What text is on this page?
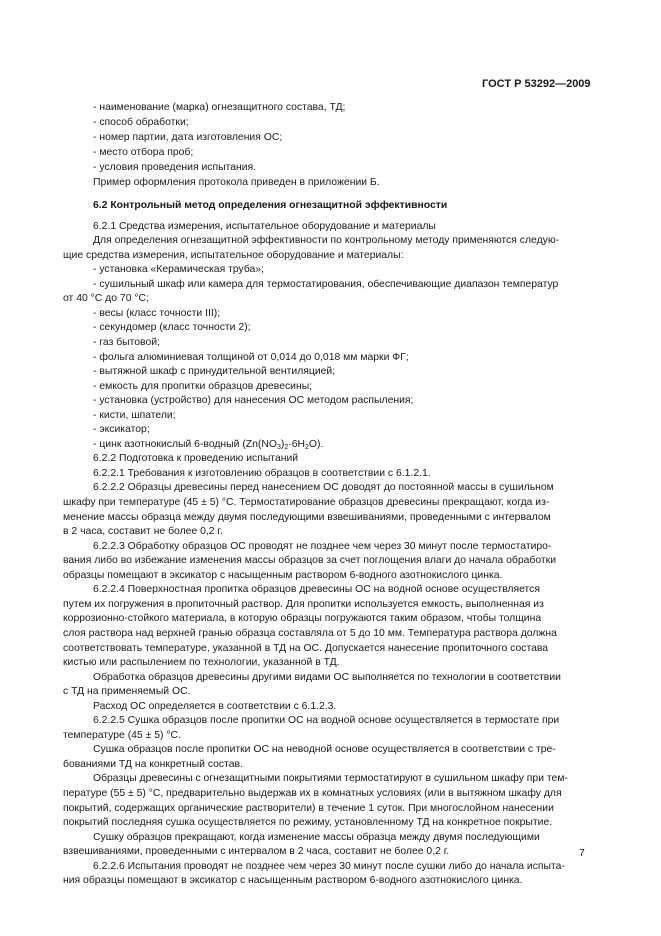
ГОСТ Р 53292—2009
- наименование (марка) огнезащитного состава, ТД;
- способ обработки;
- номер партии, дата изготовления ОС;
- место отбора проб;
- условия проведения испытания.
Пример оформления протокола приведен в приложении Б.
6.2 Контрольный метод определения огнезащитной эффективности
6.2.1 Средства измерения, испытательное оборудование и материалы
Для определения огнезащитной эффективности по контрольному методу применяются следую-
щие средства измерения, испытательное оборудование и материалы:
- установка «Керамическая труба»;
- сушильный шкаф или камера для термостатирования, обеспечивающие диапазон температур
от 40 °С до 70 °С;
- весы (класс точности III);
- секундомер (класс точности 2);
- газ бытовой;
- фольга алюминиевая толщиной от 0,014 до 0,018 мм марки ФГ;
- вытяжной шкаф с принудительной вентиляцией;
- емкость для пропитки образцов древесины;
- установка (устройство) для нанесения ОС методом распыления;
- кисти, шпатели;
- эксикатор;
- цинк азотнокислый 6-водный $(Zn(NO_3)_2\cdot 6H_2O)$.
6.2.2 Подготовка к проведению испытаний
6.2.2.1 Требования к изготовлению образцов в соответствии с 6.1.2.1.
6.2.2.2 Образцы древесины перед нанесением ОС доводят до постоянной массы в сушильном
шкафу при температуре (45 ± 5) °С. Термостатирование образцов древесины прекращают, когда из-
менение массы образца между двумя последующими взвешиваниями, проведенными с интервалом
в 2 часа, составит не более 0,2 г.
6.2.2.3 Обработку образцов ОС проводят не позднее чем через 30 минут после термостатиро-
вания либо во избежание изменения массы образцов за счет поглощения влаги до начала обработки
образцы помещают в эксикатор с насыщенным раствором 6-водного азотнокислого цинка.
6.2.2.4 Поверхностная пропитка образцов древесины ОС на водной основе осуществляется
путем их погружения в пропиточный раствор. Для пропитки используется емкость, выполненная из
коррозионно-стойкого материала, в которую образцы погружаются таким образом, чтобы толщина
слоя раствора над верхней гранью образца составляла от 5 до 10 мм. Температура раствора должна
соответствовать температуре, указанной в ТД на ОС. Допускается нанесение пропиточного состава
кистью или распылением по технологии, указанной в ТД.
Обработка образцов древесины другими видами ОС выполняется по технологии в соответствии
с ТД на применяемый ОС.
Расход ОС определяется в соответствии с 6.1.2.3.
6.2.2.5 Сушка образцов после пропитки ОС на водной основе осуществляется в термостате при
температуре (45 ± 5) °С.
Сушка образцов после пропитки ОС на неводной основе осуществляется в соответствии с тре-
бованиями ТД на конкретный состав.
Образцы древесины с огнезащитными покрытиями термостатируют в сушильном шкафу при тем-
пературе (55 ± 5) °С, предварительно выдержав их в комнатных условиях (или в вытяжном шкафу для
покрытий, содержащих органические растворители) в течение 1 суток. При многослойном нанесении
покрытий последняя сушка осуществляется по режиму, установленному ТД на конкретное покрытие.
Сушку образцов прекращают, когда изменение массы образца между двумя последующими
взвешиваниями, проведенными с интервалом в 2 часа, составит не более 0,2 г.
6.2.2.6 Испытания проводят не позднее чем через 30 минут после сушки либо до начала испыта-
ния образцы помещают в эксикатор с насыщенным раствором 6-водного азотнокислого цинка.
7
